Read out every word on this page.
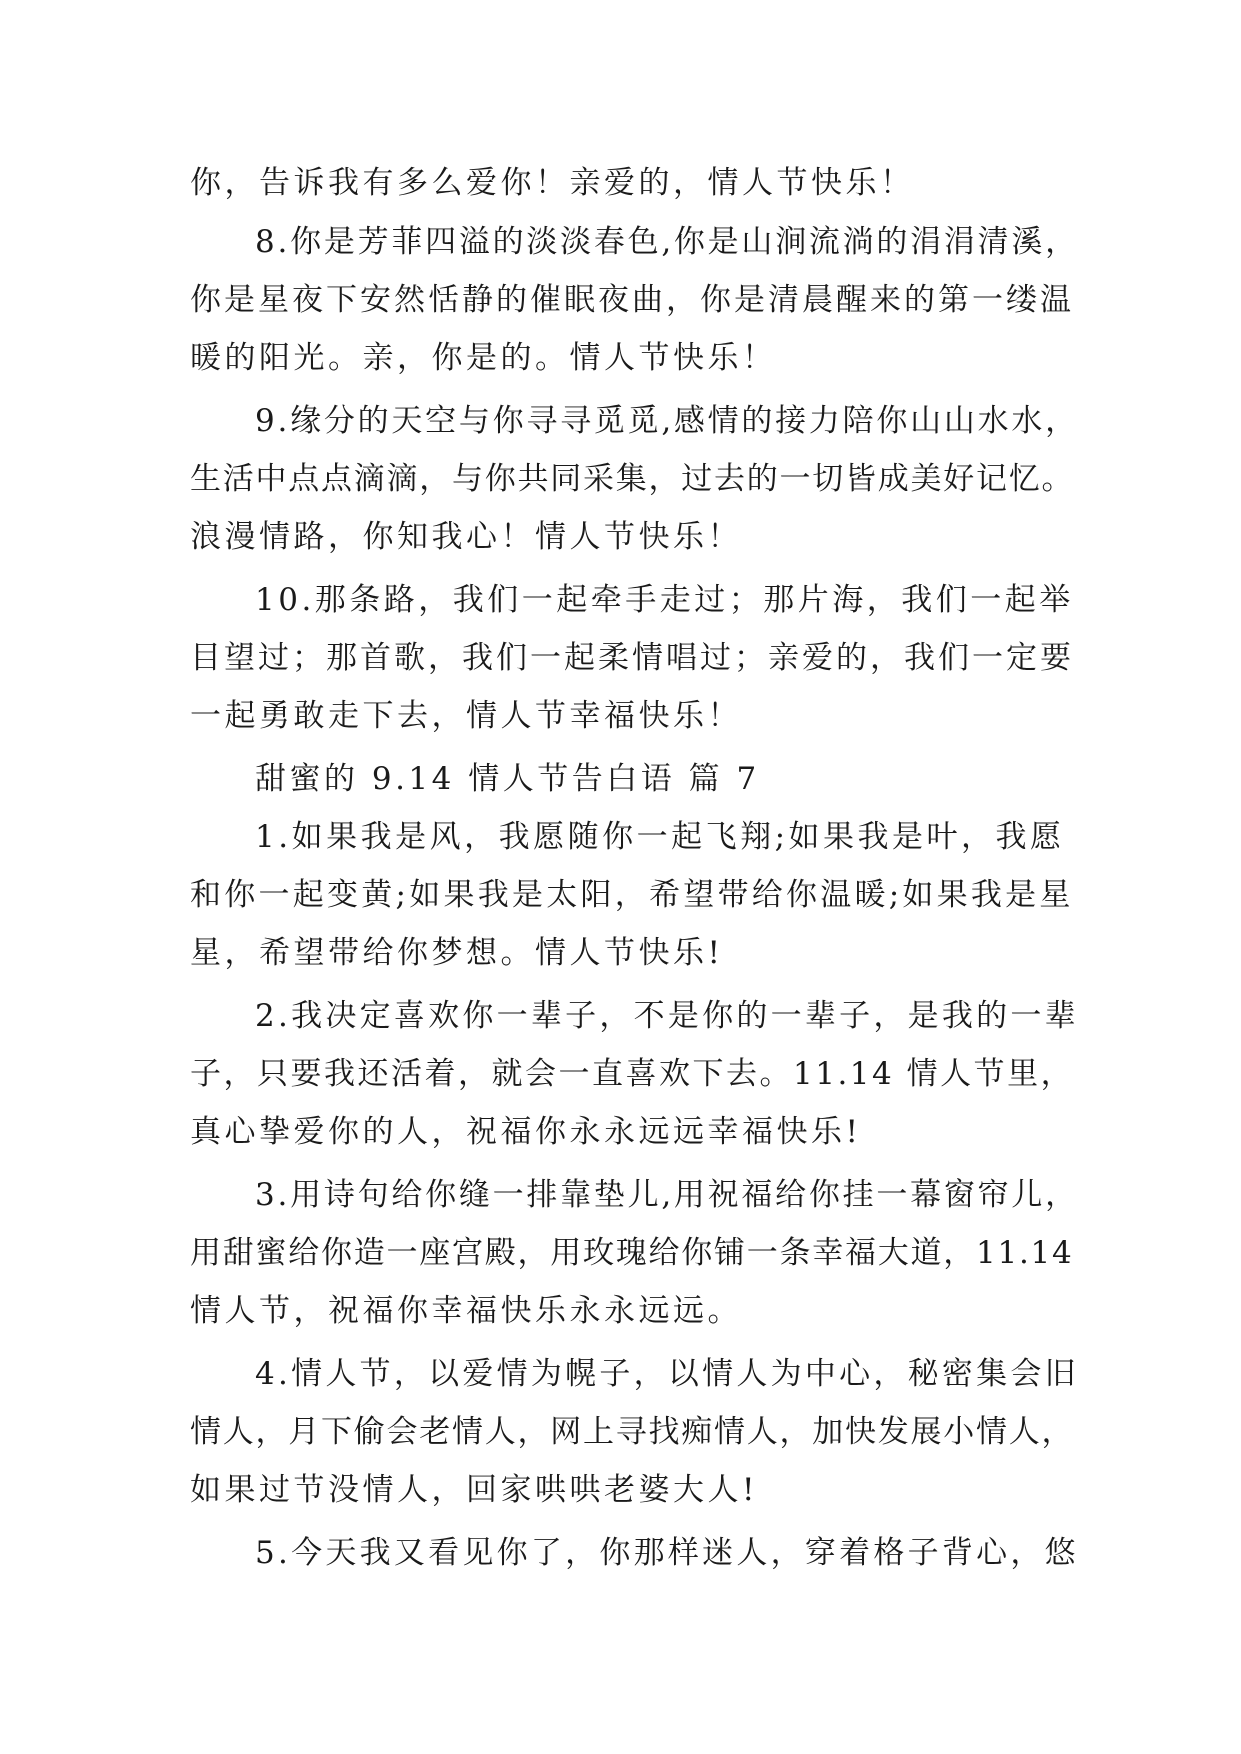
你，告诉我有多么爱你！亲爱的，情人节快乐！
8.你是芳菲四溢的淡淡春色,你是山涧流淌的涓涓清溪，
你是星夜下安然恬静的催眠夜曲，你是清晨醒来的第一缕温
暖的阳光。亲，你是的。情人节快乐！
9.缘分的天空与你寻寻觅觅,感情的接力陪你山山水水，
生活中点点滴滴，与你共同采集，过去的一切皆成美好记忆。
浪漫情路，你知我心！情人节快乐！
10.那条路，我们一起牵手走过；那片海，我们一起举
目望过；那首歌，我们一起柔情唱过；亲爱的，我们一定要
一起勇敢走下去，情人节幸福快乐！
甜蜜的 9.14 情人节告白语 篇 7
1.如果我是风，我愿随你一起飞翔;如果我是叶，我愿
和你一起变黄;如果我是太阳，希望带给你温暖;如果我是星
星，希望带给你梦想。情人节快乐!
2.我决定喜欢你一辈子，不是你的一辈子，是我的一辈
子，只要我还活着，就会一直喜欢下去。11.14 情人节里，
真心挚爱你的人，祝福你永永远远幸福快乐!
3.用诗句给你缝一排靠垫儿,用祝福给你挂一幕窗帘儿，
用甜蜜给你造一座宫殿，用玫瑰给你铺一条幸福大道，11.14
情人节，祝福你幸福快乐永永远远。
4.情人节，以爱情为幌子，以情人为中心，秘密集会旧
情人，月下偷会老情人，网上寻找痴情人，加快发展小情人，
如果过节没情人，回家哄哄老婆大人!
5.今天我又看见你了，你那样迷人，穿着格子背心，悠
